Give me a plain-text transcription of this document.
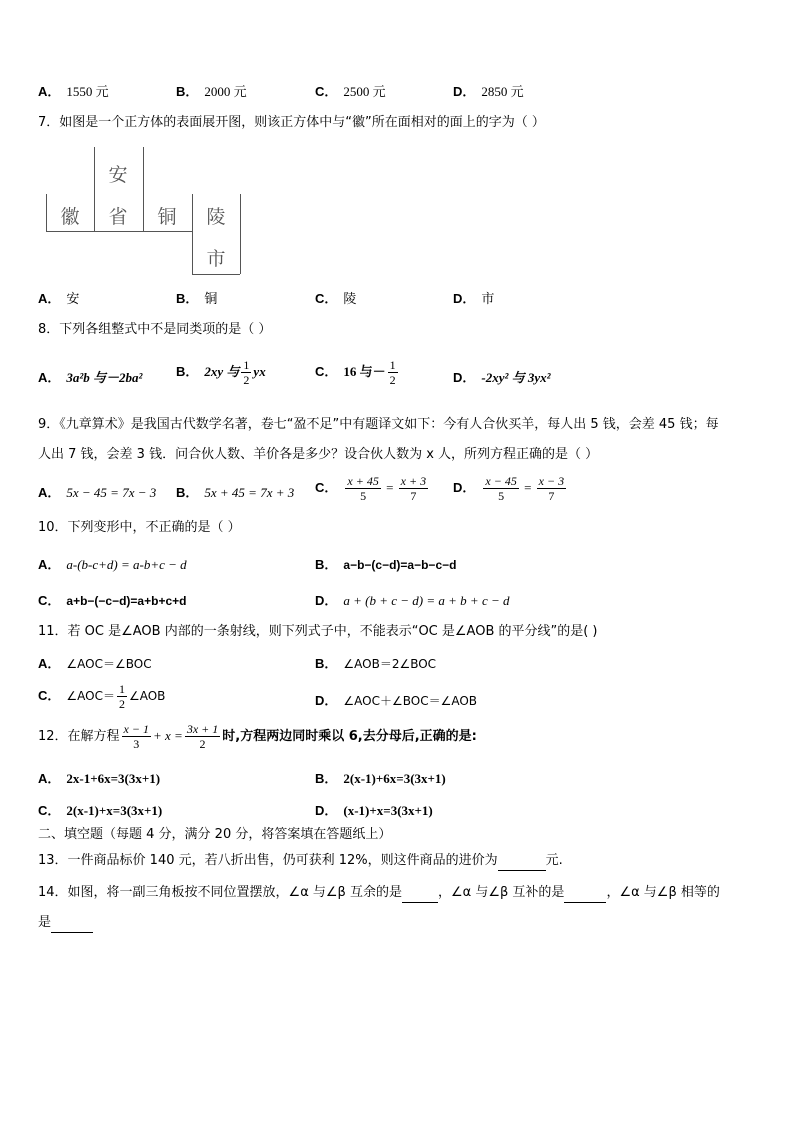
A． 1550 元	B． 2000 元	C． 2500 元	D． 2850 元
7．如图是一个正方体的表面展开图，则该正方体中与“徽”所在面相对的面上的字为（ ）
安
徽	省	铜	陵
市
A． 安	B． 铜	C． 陵	D． 市
8．下列各组整式中不是同类项的是（ ）
A． 3a²b 与－2ba²	B． 2xy 与 $\frac{1}{2}$ yx	C． 16 与－ $\frac{1}{2}$	D． -2xy² 与 3yx²
9．《九章算术》是我国古代数学名著，卷七“盈不足”中有题译文如下：今有人合伙买羊，每人出 5 钱，会差 45 钱；每
人出 7 钱，会差 3 钱．问合伙人数、羊价各是多少？设合伙人数为 x 人，所列方程正确的是（ ）
A． 5x − 45 = 7x − 3 B． 5x + 45 = 7x + 3 C． $\frac{x + 45}{5} = \frac{x + 3}{7}$ D． $\frac{x - 45}{5} = \frac{x - 3}{7}$
10．下列变形中，不正确的是（ ）
A． a-(b-c+d) = a-b+c − d	B． a−b−(c−d)=a−b−c−d
C． a+b−(−c−d)=a+b+c+d	D． a + (b + c − d) = a + b + c − d
11．若 OC 是∠AOB 内部的一条射线，则下列式子中，不能表示“OC 是∠AOB 的平分线”的是( )
A． ∠AOC＝∠BOC	B． ∠AOB＝2∠BOC
C． ∠AOC＝ $\frac{1}{2}$ ∠AOB	D． ∠AOC＋∠BOC＝∠AOB
12．在解方程 $\frac{x - 1}{3} + x = \frac{3x + 1}{2}$ 时,方程两边同时乘以 6,去分母后,正确的是:
A． 2x-1+6x=3(3x+1)	B． 2(x-1)+6x=3(3x+1)
C． 2(x-1)+x=3(3x+1)	D． (x-1)+x=3(3x+1)
二、填空题（每题 4 分，满分 20 分，将答案填在答题纸上）
13．一件商品标价 140 元，若八折出售，仍可获利 12%，则这件商品的进价为	元.
14．如图，将一副三角板按不同位置摆放，∠α 与∠β 互余的是	，∠α 与∠β 互补的是	，∠α 与∠β 相等的
是
